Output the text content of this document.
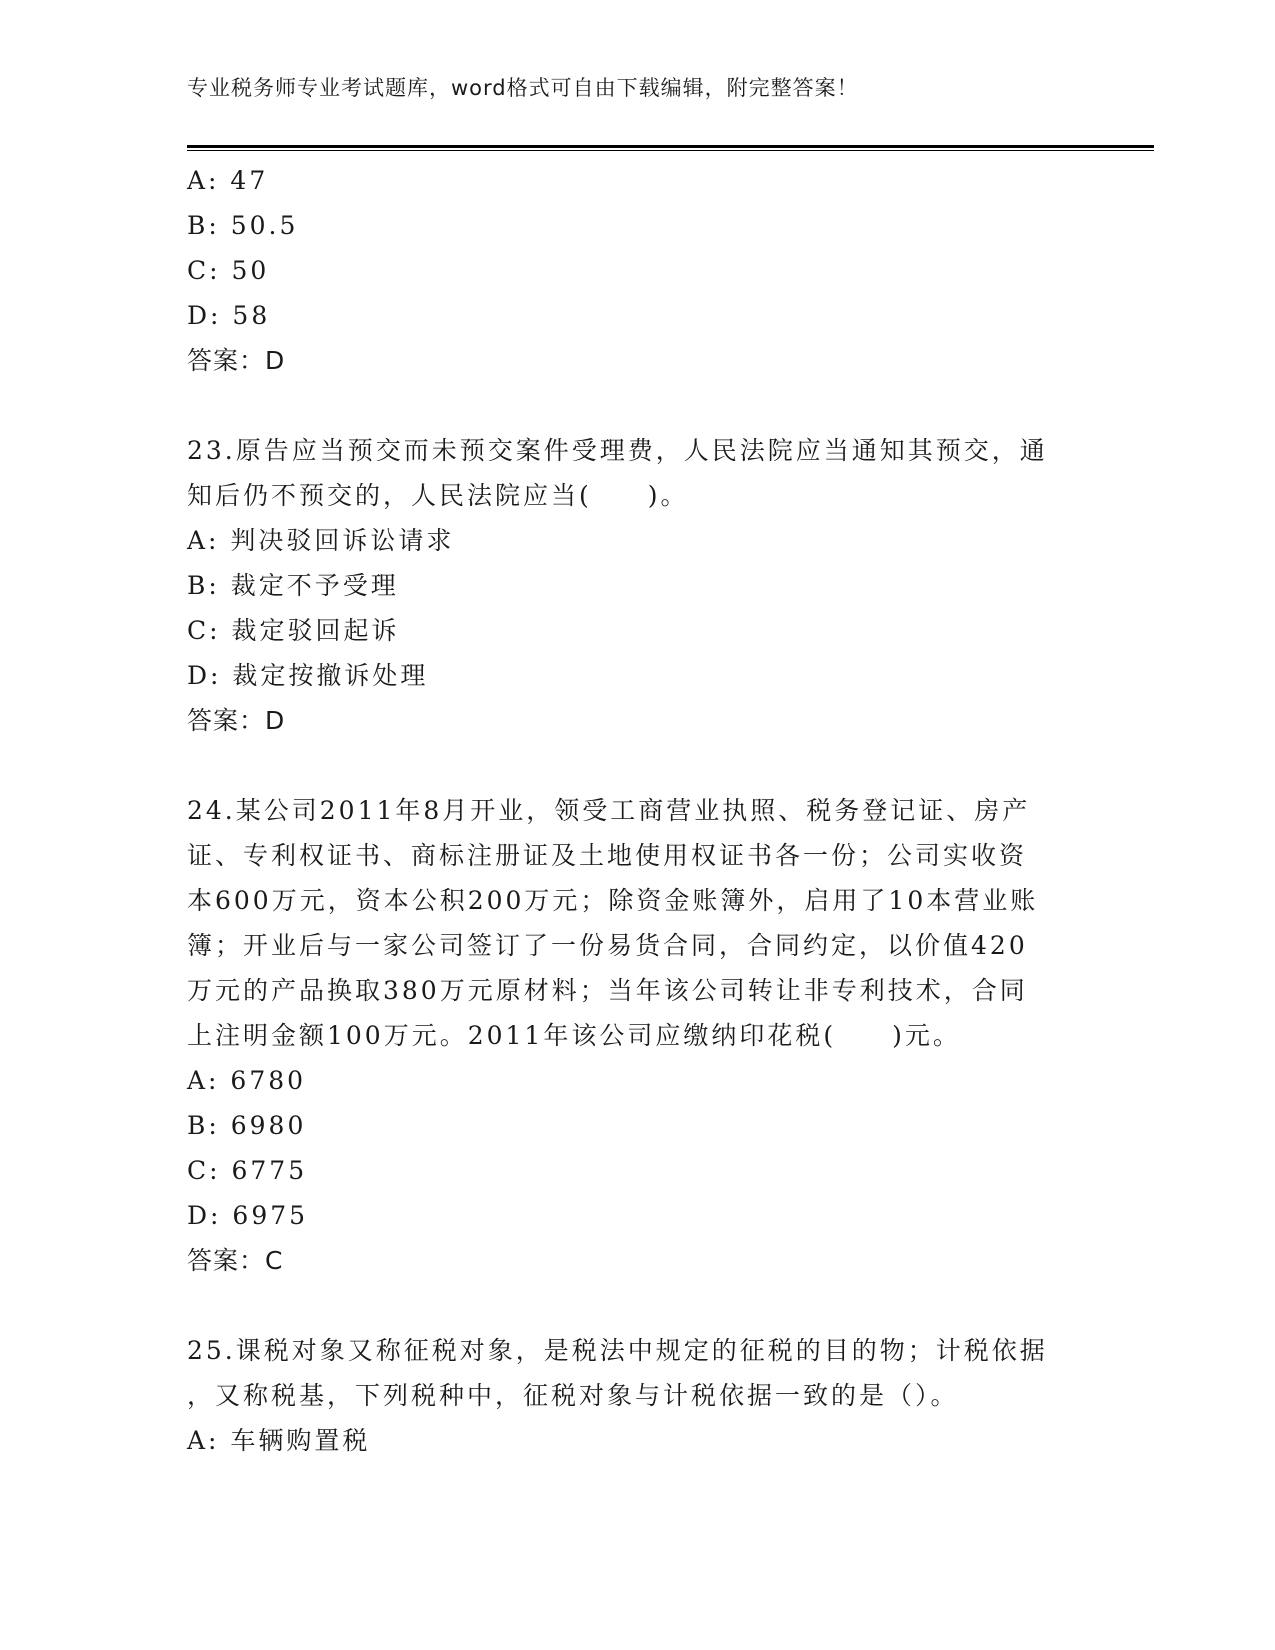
专业税务师专业考试题库，word格式可自由下载编辑，附完整答案！
A: 47
B: 50.5
C: 50
D: 58
答案：D
23.原告应当预交而未预交案件受理费，人民法院应当通知其预交，通
知后仍不预交的，人民法院应当(　　)。
A: 判决驳回诉讼请求
B: 裁定不予受理
C: 裁定驳回起诉
D: 裁定按撤诉处理
答案：D
24.某公司2011年8月开业，领受工商营业执照、税务登记证、房产
证、专利权证书、商标注册证及土地使用权证书各一份；公司实收资
本600万元，资本公积200万元；除资金账簿外，启用了10本营业账
簿；开业后与一家公司签订了一份易货合同，合同约定，以价值420
万元的产品换取380万元原材料；当年该公司转让非专利技术，合同
上注明金额100万元。2011年该公司应缴纳印花税(　　)元。
A: 6780
B: 6980
C: 6775
D: 6975
答案：C
25.课税对象又称征税对象，是税法中规定的征税的目的物；计税依据
，又称税基，下列税种中，征税对象与计税依据一致的是（）。
A: 车辆购置税
